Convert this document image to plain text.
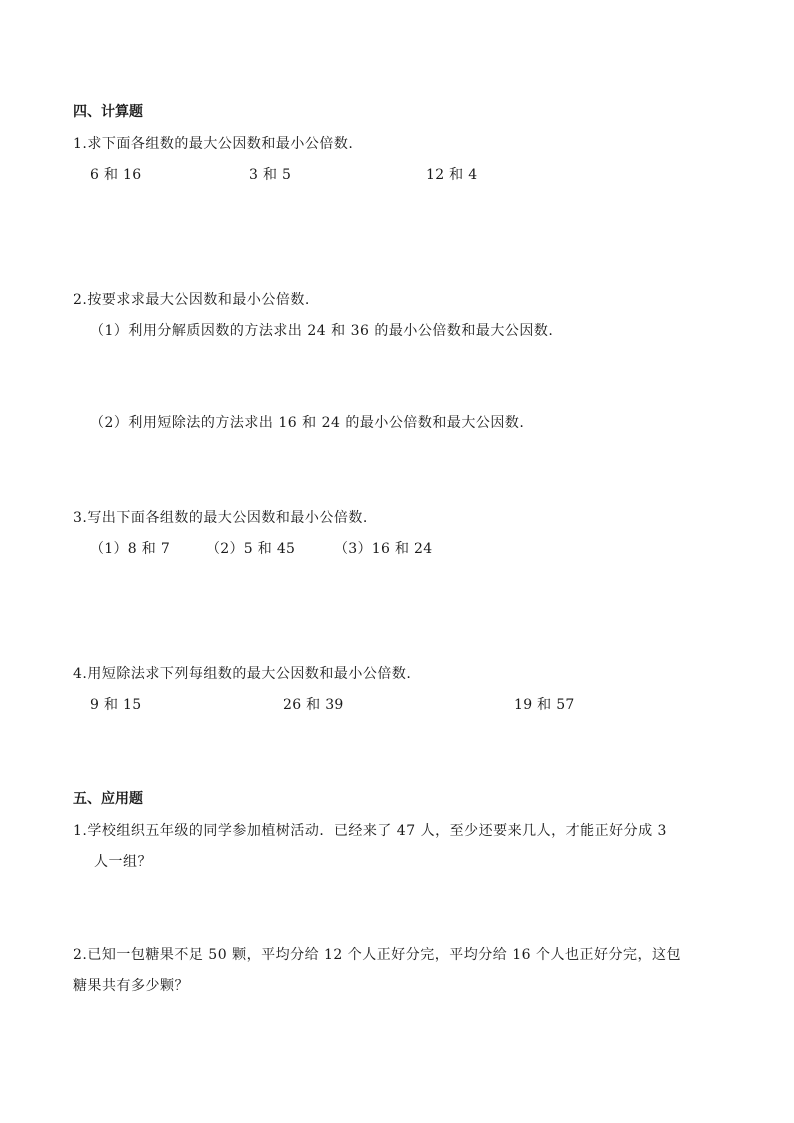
四、计算题
1.求下面各组数的最大公因数和最小公倍数.
6 和 16	3 和 5	12 和 4
2.按要求求最大公因数和最小公倍数.
（1）利用分解质因数的方法求出 24 和 36 的最小公倍数和最大公因数.
（2）利用短除法的方法求出 16 和 24 的最小公倍数和最大公因数.
3.写出下面各组数的最大公因数和最小公倍数.
（1）8 和 7	（2）5 和 45	（3）16 和 24
4.用短除法求下列每组数的最大公因数和最小公倍数.
9 和 15	26 和 39	19 和 57
五、应用题
1.学校组织五年级的同学参加植树活动．已经来了 47 人，至少还要来几人，才能正好分成 3
人一组？
2.已知一包糖果不足 50 颗，平均分给 12 个人正好分完，平均分给 16 个人也正好分完，这包
糖果共有多少颗？
